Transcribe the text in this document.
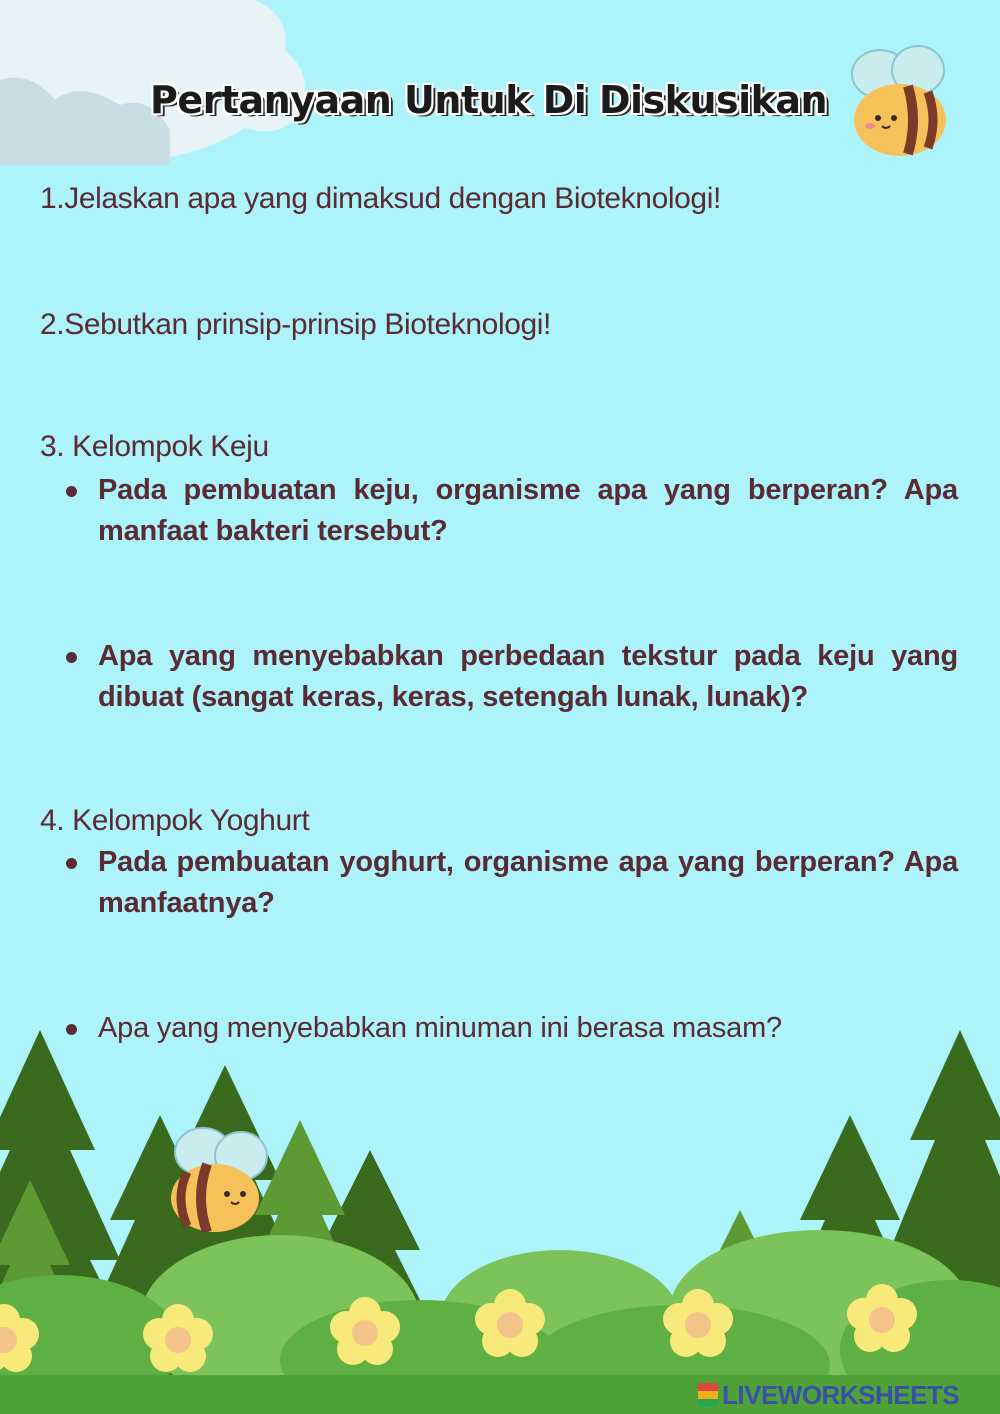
Pertanyaan Untuk Di Diskusikan
1.Jelaskan apa yang dimaksud dengan Bioteknologi!
2.Sebutkan prinsip-prinsip Bioteknologi!
3. Kelompok Keju
Pada pembuatan keju, organisme apa yang berperan? Apa manfaat bakteri tersebut?
Apa yang menyebabkan perbedaan tekstur pada keju yang dibuat (sangat keras, keras, setengah lunak, lunak)?
4. Kelompok Yoghurt
Pada pembuatan yoghurt, organisme apa yang berperan? Apa manfaatnya?
Apa yang menyebabkan minuman ini berasa masam?
LIVEWORKSHEETS
